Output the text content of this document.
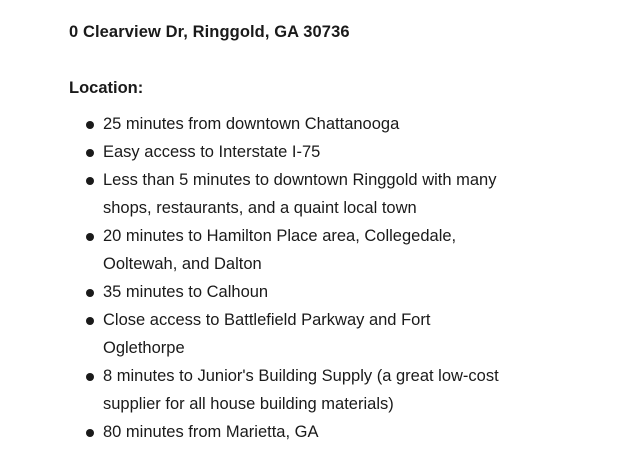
0 Clearview Dr, Ringgold, GA 30736
Location:
25 minutes from downtown Chattanooga
Easy access to Interstate I-75
Less than 5 minutes to downtown Ringgold with many shops, restaurants, and a quaint local town
20 minutes to Hamilton Place area, Collegedale, Ooltewah, and Dalton
35 minutes to Calhoun
Close access to Battlefield Parkway and Fort Oglethorpe
8 minutes to Junior's Building Supply (a great low-cost supplier for all house building materials)
80 minutes from Marietta, GA
